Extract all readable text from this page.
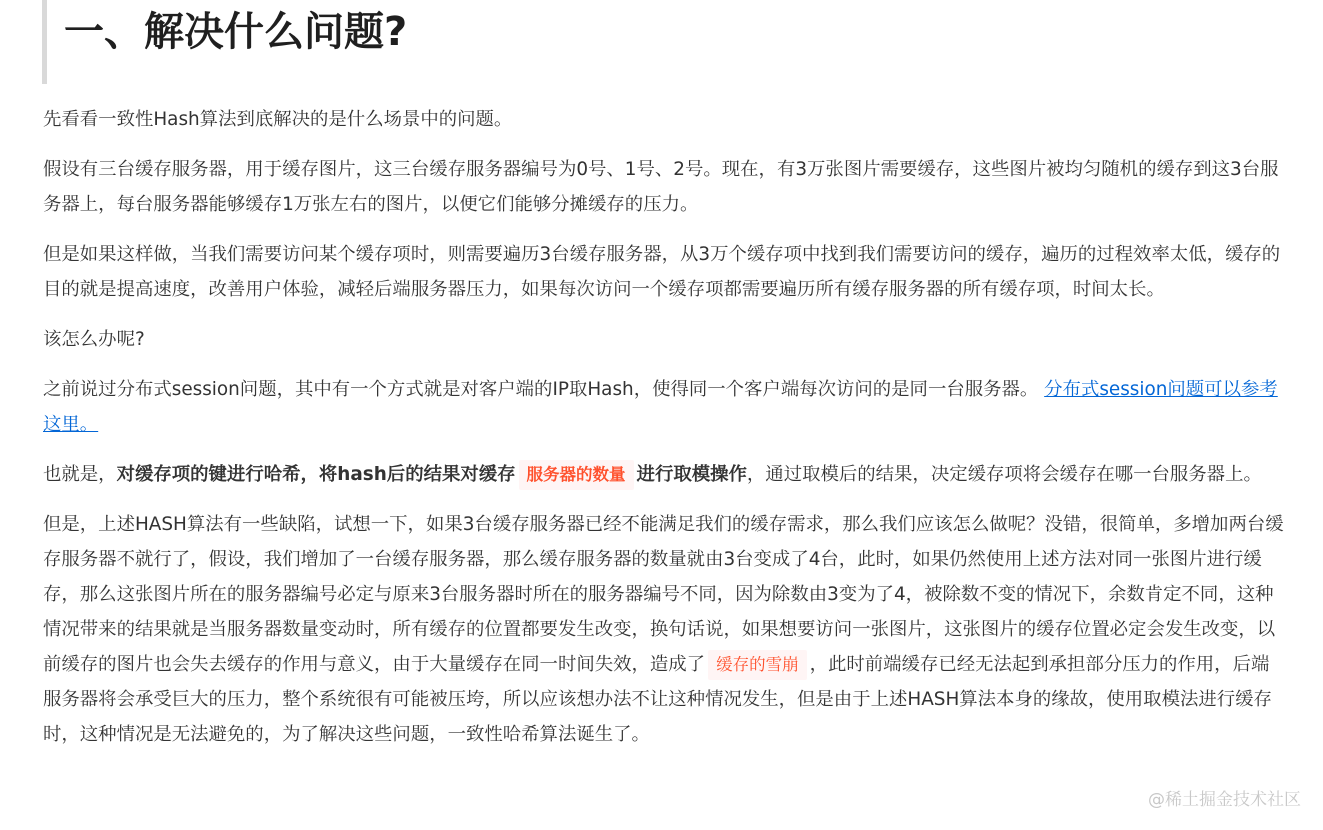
一、解决什么问题?

先看看一致性Hash算法到底解决的是什么场景中的问题。

假设有三台缓存服务器，用于缓存图片，这三台缓存服务器编号为0号、1号、2号。现在，有3万张图片需要缓存，这些图片被均匀随机的缓存到这3台服务器上，每台服务器能够缓存1万张左右的图片，以便它们能够分摊缓存的压力。

但是如果这样做，当我们需要访问某个缓存项时，则需要遍历3台缓存服务器，从3万个缓存项中找到我们需要访问的缓存，遍历的过程效率太低，缓存的目的就是提高速度，改善用户体验，减轻后端服务器压力，如果每次访问一个缓存项都需要遍历所有缓存服务器的所有缓存项，时间太长。

该怎么办呢?

之前说过分布式session问题，其中有一个方式就是对客户端的IP取Hash，使得同一个客户端每次访问的是同一台服务器。 分布式session问题可以参考这里。

也就是，对缓存项的键进行哈希，将hash后的结果对缓存 服务器的数量 进行取模操作，通过取模后的结果，决定缓存项将会缓存在哪一台服务器上。

但是，上述HASH算法有一些缺陷，试想一下，如果3台缓存服务器已经不能满足我们的缓存需求，那么我们应该怎么做呢？没错，很简单，多增加两台缓存服务器不就行了，假设，我们增加了一台缓存服务器，那么缓存服务器的数量就由3台变成了4台，此时，如果仍然使用上述方法对同一张图片进行缓存，那么这张图片所在的服务器编号必定与原来3台服务器时所在的服务器编号不同，因为除数由3变为了4，被除数不变的情况下，余数肯定不同，这种情况带来的结果就是当服务器数量变动时，所有缓存的位置都要发生改变，换句话说，如果想要访问一张图片，这张图片的缓存位置必定会发生改变，以前缓存的图片也会失去缓存的作用与意义，由于大量缓存在同一时间失效，造成了 缓存的雪崩 ，此时前端缓存已经无法起到承担部分压力的作用，后端服务器将会承受巨大的压力，整个系统很有可能被压垮，所以应该想办法不让这种情况发生，但是由于上述HASH算法本身的缘故，使用取模法进行缓存时，这种情况是无法避免的，为了解决这些问题，一致性哈希算法诞生了。

@稀土掘金技术社区
